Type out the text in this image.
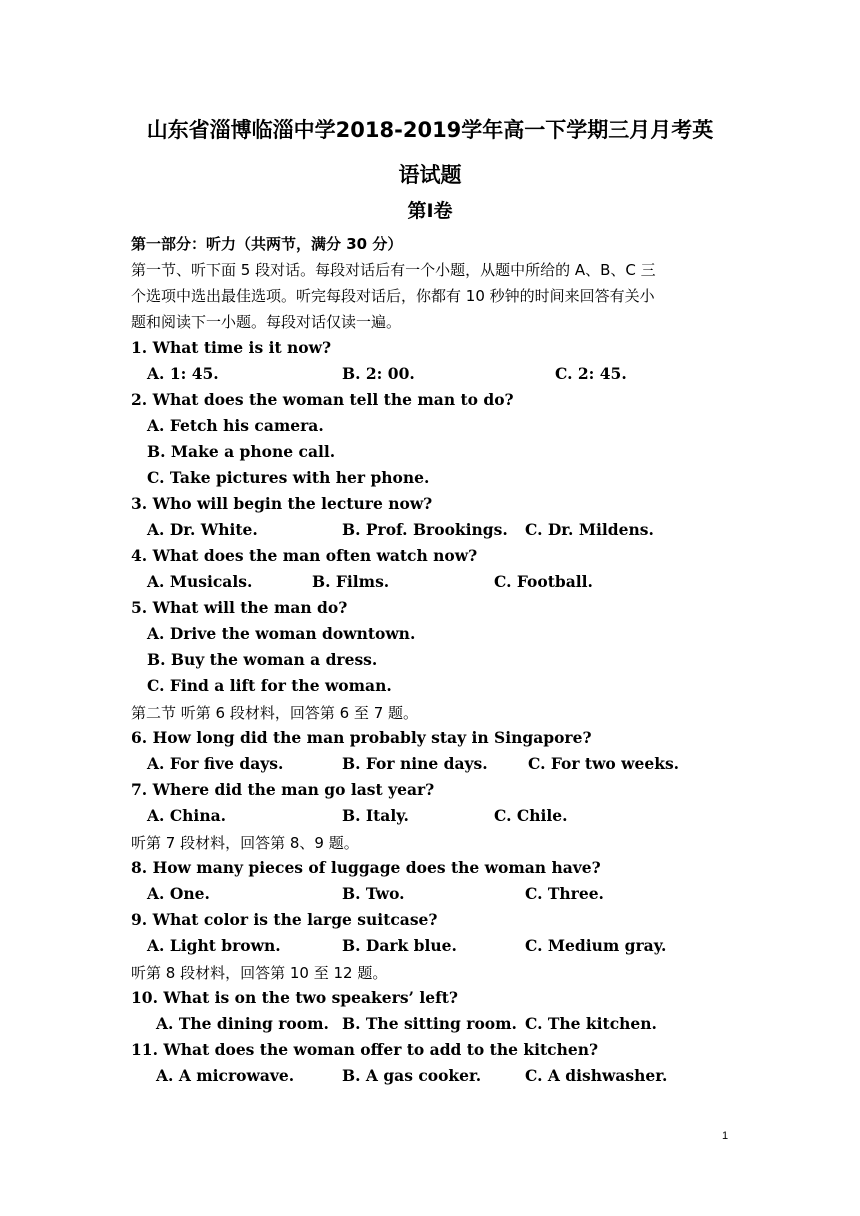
山东省淄博临淄中学2018-2019学年高一下学期三月月考英
语试题
第Ⅰ卷
第一部分：听力（共两节，满分 30 分）
第一节、听下面 5 段对话。每段对话后有一个小题，从题中所给的 A、B、C 三
个选项中选出最佳选项。听完每段对话后，你都有 10 秒钟的时间来回答有关小
题和阅读下一小题。每段对话仅读一遍。
1. What time is it now?
A. 1: 45.	B. 2: 00.	C. 2: 45.
2. What does the woman tell the man to do?
A. Fetch his camera.
B. Make a phone call.
C. Take pictures with her phone.
3. Who will begin the lecture now?
A. Dr. White.	B. Prof. Brookings. C. Dr. Mildens.
4. What does the man often watch now?
A. Musicals.	B. Films.	C. Football.
5. What will the man do?
A. Drive the woman downtown.
B. Buy the woman a dress.
C. Find a lift for the woman.
第二节 听第 6 段材料，回答第 6 至 7 题。
6. How long did the man probably stay in Singapore?
A. For five days.	B. For nine days.	C. For two weeks.
7. Where did the man go last year?
A. China.	B. Italy.	C. Chile.
听第 7 段材料，回答第 8、9 题。
8. How many pieces of luggage does the woman have?
A. One.	B. Two.	C. Three.
9. What color is the large suitcase?
A. Light brown.	B. Dark blue.	C. Medium gray.
听第 8 段材料，回答第 10 至 12 题。
10. What is on the two speakers’ left?
A. The dining room. B. The sitting room. C. The kitchen.
11. What does the woman offer to add to the kitchen?
A. A microwave.	B. A gas cooker.	C. A dishwasher.
1
